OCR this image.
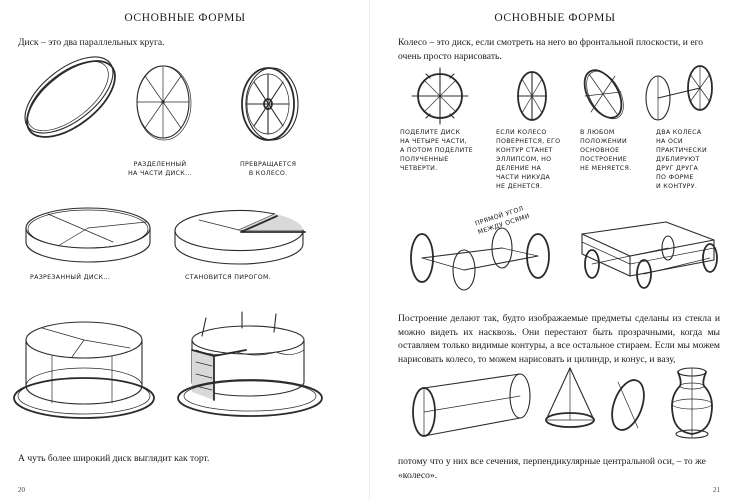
ОСНОВНЫЕ ФОРМЫ
Диск – это два параллельных круга.
РАЗДЕЛЕННЫЙ
НА ЧАСТИ ДИСК...
ПРЕВРАЩАЕТСЯ
В КОЛЕСО.
РАЗРЕЗАННЫЙ ДИСК...	СТАНОВИТСЯ ПИРОГОМ.
А чуть более широкий диск выглядит как торт.
20
ОСНОВНЫЕ ФОРМЫ
Колесо – это диск, если смотреть на него во фронтальной плоскости, и его очень просто нарисовать.
ПОДЕЛИТЕ ДИСК
НА ЧЕТЫРЕ ЧАСТИ,
А ПОТОМ ПОДЕЛИТЕ
ПОЛУЧЕННЫЕ
ЧЕТВЕРТИ.
ЕСЛИ КОЛЕСО
ПОВЕРНЕТСЯ, ЕГО
КОНТУР СТАНЕТ
ЭЛЛИПСОМ, НО
ДЕЛЕНИЕ НА
ЧАСТИ НИКУДА
НЕ ДЕНЕТСЯ.
В ЛЮБОМ
ПОЛОЖЕНИИ
ОСНОВНОЕ
ПОСТРОЕНИЕ
НЕ МЕНЯЕТСЯ.
ДВА КОЛЕСА
НА ОСИ
ПРАКТИЧЕСКИ
ДУБЛИРУЮТ
ДРУГ ДРУГА
ПО ФОРМЕ
И КОНТУРУ.
ПРЯМОЙ УГОЛ
МЕЖДУ ОСЯМИ
Построение делают так, будто изображаемые предметы сделаны из стекла и можно видеть их насквозь. Они перестают быть прозрачными, когда мы оставляем только видимые контуры, а все остальное стираем. Если мы можем нарисовать колесо, то можем нарисовать и цилиндр, и конус, и вазу,
потому что у них все сечения, перпендикулярные центральной оси, – то же «колесо».
21
